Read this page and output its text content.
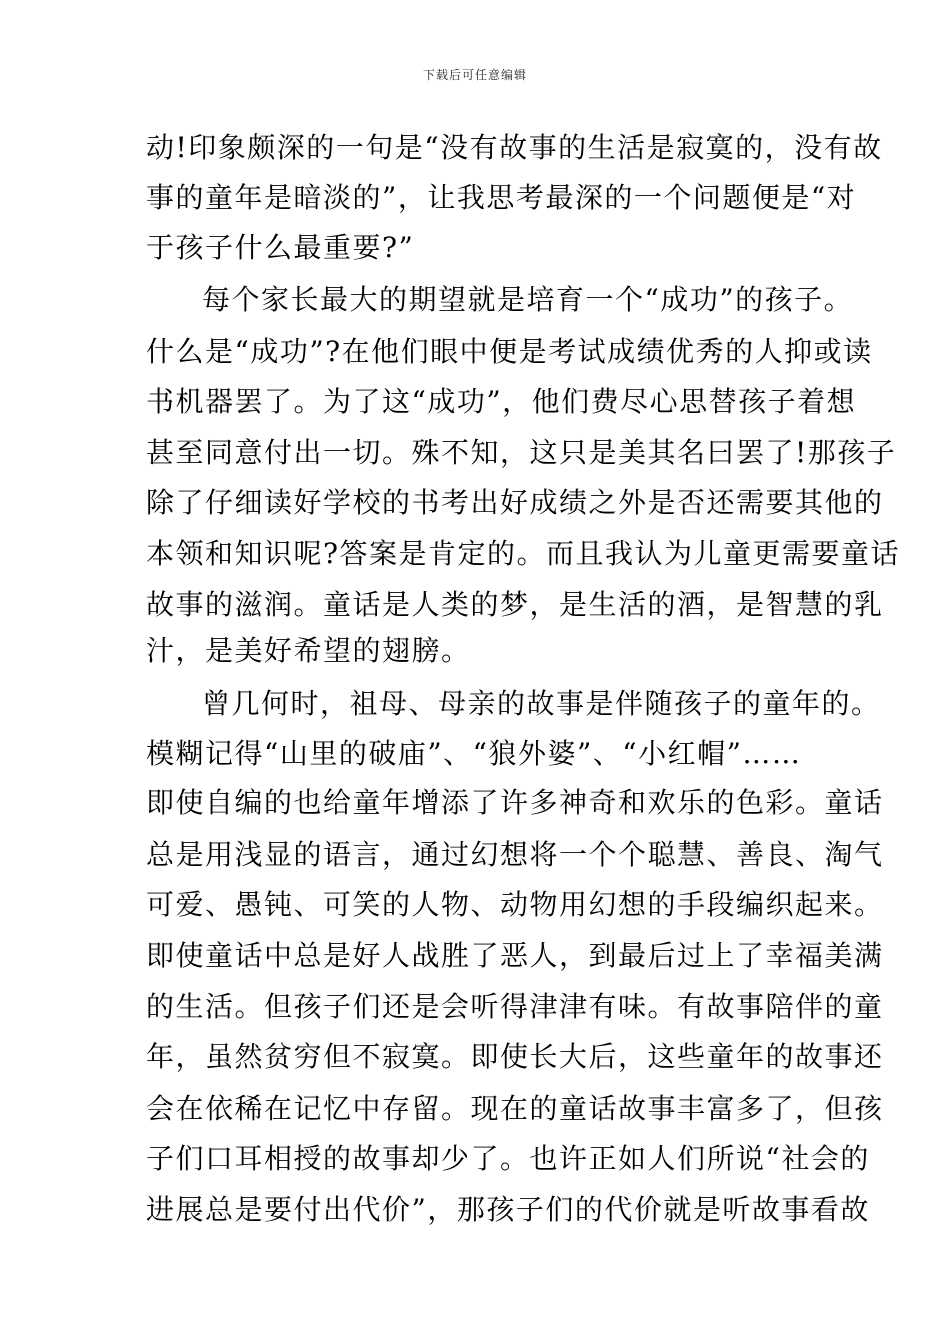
下载后可任意编辑
动!印象颇深的一句是“没有故事的生活是寂寞的，没有故
事的童年是暗淡的”，让我思考最深的一个问题便是“对
于孩子什么最重要?”
每个家长最大的期望就是培育一个“成功”的孩子。
什么是“成功”?在他们眼中便是考试成绩优秀的人抑或读
书机器罢了。为了这“成功”，他们费尽心思替孩子着想
甚至同意付出一切。殊不知，这只是美其名曰罢了!那孩子
除了仔细读好学校的书考出好成绩之外是否还需要其他的
本领和知识呢?答案是肯定的。而且我认为儿童更需要童话
故事的滋润。童话是人类的梦，是生活的酒，是智慧的乳
汁，是美好希望的翅膀。
曾几何时，祖母、母亲的故事是伴随孩子的童年的。
模糊记得“山里的破庙”、“狼外婆”、“小红帽”……
即使自编的也给童年增添了许多神奇和欢乐的色彩。童话
总是用浅显的语言，通过幻想将一个个聪慧、善良、淘气
可爱、愚钝、可笑的人物、动物用幻想的手段编织起来。
即使童话中总是好人战胜了恶人，到最后过上了幸福美满
的生活。但孩子们还是会听得津津有味。有故事陪伴的童
年，虽然贫穷但不寂寞。即使长大后，这些童年的故事还
会在依稀在记忆中存留。现在的童话故事丰富多了，但孩
子们口耳相授的故事却少了。也许正如人们所说“社会的
进展总是要付出代价”，那孩子们的代价就是听故事看故
